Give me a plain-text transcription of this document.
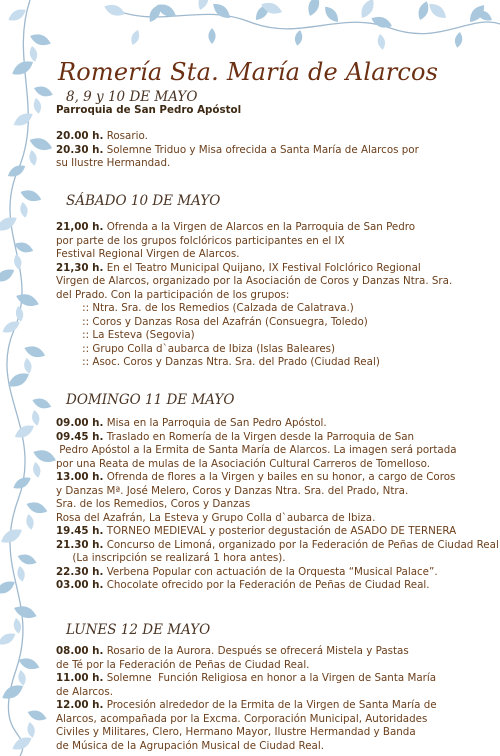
Romería Sta. María de Alarcos
8, 9 y 10 DE MAYO
Parroquia de San Pedro Apóstol
20.00 h. Rosario.
20.30 h. Solemne Triduo y Misa ofrecida a Santa María de Alarcos por
su Ilustre Hermandad.
SÁBADO 10 DE MAYO
21,00 h. Ofrenda a la Virgen de Alarcos en la Parroquia de San Pedro
por parte de los grupos folclóricos participantes en el IX
Festival Regional Virgen de Alarcos.
21,30 h. En el Teatro Municipal Quijano, IX Festival Folclórico Regional
Virgen de Alarcos, organizado por la Asociación de Coros y Danzas Ntra. Sra.
del Prado. Con la participación de los grupos:
:: Ntra. Sra. de los Remedios (Calzada de Calatrava.)
:: Coros y Danzas Rosa del Azafrán (Consuegra, Toledo)
:: La Esteva (Segovia)
:: Grupo Colla d`aubarca de Ibiza (Islas Baleares)
:: Asoc. Coros y Danzas Ntra. Sra. del Prado (Ciudad Real)
DOMINGO 11 DE MAYO
09.00 h. Misa en la Parroquia de San Pedro Apóstol.
09.45 h. Traslado en Romería de la Virgen desde la Parroquia de San
Pedro Apóstol a la Ermita de Santa María de Alarcos. La imagen será portada
por una Reata de mulas de la Asociación Cultural Carreros de Tomelloso.
13.00 h. Ofrenda de flores a la Virgen y bailes en su honor, a cargo de Coros
y Danzas Mª. José Melero, Coros y Danzas Ntra. Sra. del Prado, Ntra.
Sra. de los Remedios, Coros y Danzas
Rosa del Azafrán, La Esteva y Grupo Colla d`aubarca de Ibiza.
19.45 h. TORNEO MEDIEVAL y posterior degustación de ASADO DE TERNERA
21.30 h. Concurso de Limoná, organizado por la Federación de Peñas de Ciudad Real
(La inscripción se realizará 1 hora antes).
22.30 h. Verbena Popular con actuación de la Orquesta “Musical Palace”.
03.00 h. Chocolate ofrecido por la Federación de Peñas de Ciudad Real.
LUNES 12 DE MAYO
08.00 h. Rosario de la Aurora. Después se ofrecerá Mistela y Pastas
de Té por la Federación de Peñas de Ciudad Real.
11.00 h. Solemne  Función Religiosa en honor a la Virgen de Santa María
de Alarcos.
12.00 h. Procesión alrededor de la Ermita de la Virgen de Santa María de
Alarcos, acompañada por la Excma. Corporación Municipal, Autoridades
Civiles y Militares, Clero, Hermano Mayor, Ilustre Hermandad y Banda
de Música de la Agrupación Musical de Ciudad Real.
